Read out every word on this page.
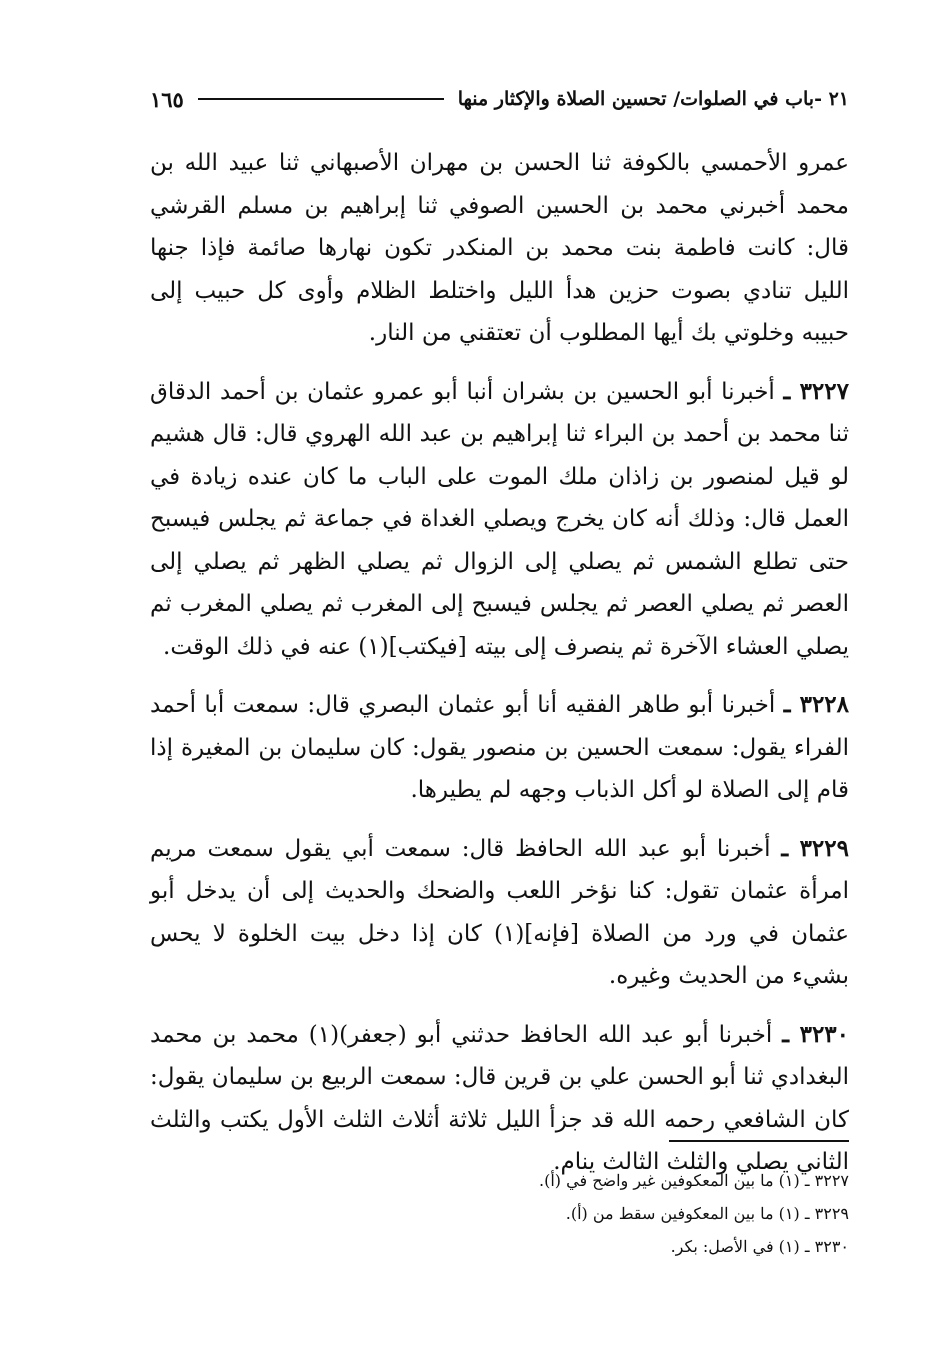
٢١ -باب في الصلوات/ تحسين الصلاة والإكثار منها
١٦٥

عمرو الأحمسي بالكوفة ثنا الحسن بن مهران الأصبهاني ثنا عبيد الله بن محمد أخبرني محمد بن الحسين الصوفي ثنا إبراهيم بن مسلم القرشي قال: كانت فاطمة بنت محمد بن المنكدر تكون نهارها صائمة فإذا جنها الليل تنادي بصوت حزين هدأ الليل واختلط الظلام وأوى كل حبيب إلى حبيبه وخلوتي بك أيها المطلوب أن تعتقني من النار.

٣٢٢٧ ـ أخبرنا أبو الحسين بن بشران أنبا أبو عمرو عثمان بن أحمد الدقاق ثنا محمد بن أحمد بن البراء ثنا إبراهيم بن عبد الله الهروي قال: قال هشيم لو قيل لمنصور بن زاذان ملك الموت على الباب ما كان عنده زيادة في العمل قال: وذلك أنه كان يخرج ويصلي الغداة في جماعة ثم يجلس فيسبح حتى تطلع الشمس ثم يصلي إلى الزوال ثم يصلي الظهر ثم يصلي إلى العصر ثم يصلي العصر ثم يجلس فيسبح إلى المغرب ثم يصلي المغرب ثم يصلي العشاء الآخرة ثم ينصرف إلى بيته [فيكتب](١) عنه في ذلك الوقت.

٣٢٢٨ ـ أخبرنا أبو طاهر الفقيه أنا أبو عثمان البصري قال: سمعت أبا أحمد الفراء يقول: سمعت الحسين بن منصور يقول: كان سليمان بن المغيرة إذا قام إلى الصلاة لو أكل الذباب وجهه لم يطيرها.

٣٢٢٩ ـ أخبرنا أبو عبد الله الحافظ قال: سمعت أبي يقول سمعت مريم امرأة عثمان تقول: كنا نؤخر اللعب والضحك والحديث إلى أن يدخل أبو عثمان في ورد من الصلاة [فإنه](١) كان إذا دخل بيت الخلوة لا يحس بشيء من الحديث وغيره.

٣٢٣٠ ـ أخبرنا أبو عبد الله الحافظ حدثني أبو (جعفر)(١) محمد بن محمد البغدادي ثنا أبو الحسن علي بن قرين قال: سمعت الربيع بن سليمان يقول: كان الشافعي رحمه الله قد جزأ الليل ثلاثة أثلاث الثلث الأول يكتب والثلث الثاني يصلي والثلث الثالث ينام.

٣٢٢٧ ـ (١) ما بين المعكوفين غير واضح في (أ).

٣٢٢٩ ـ (١) ما بين المعكوفين سقط من (أ).

٣٢٣٠ ـ (١) في الأصل: بكر.
